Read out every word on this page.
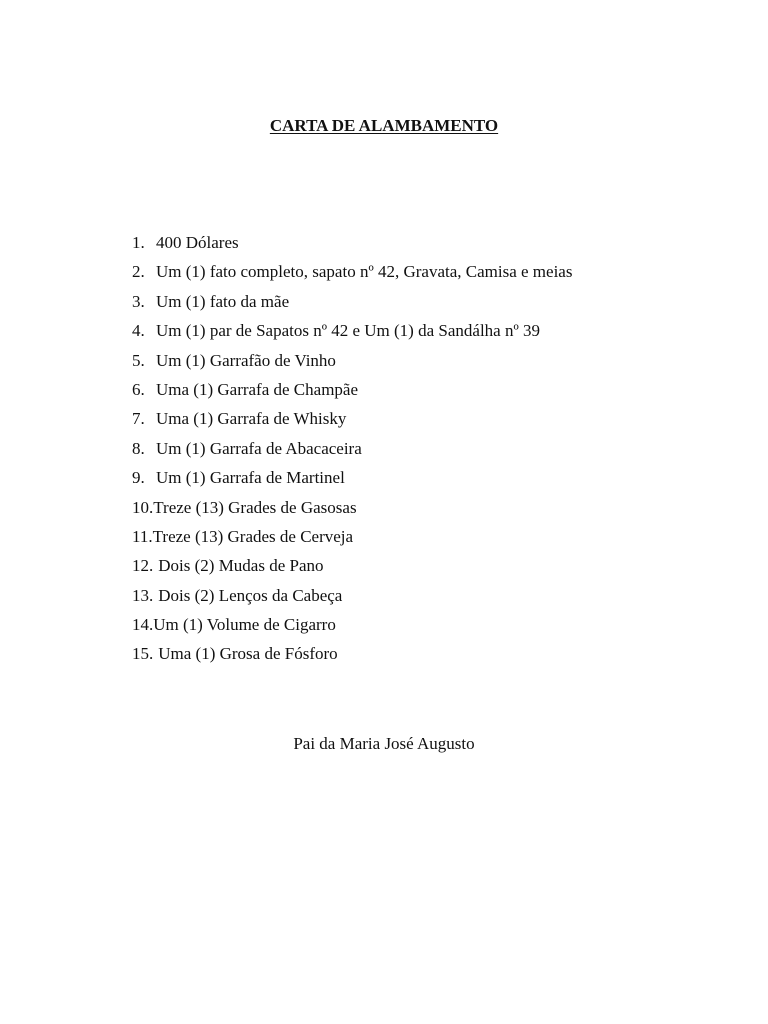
CARTA DE ALAMBAMENTO
1. 400 Dólares
2. Um (1) fato completo, sapato nº 42, Gravata, Camisa e meias
3. Um (1) fato da mãe
4. Um (1) par de Sapatos nº 42 e Um (1) da Sandálha nº 39
5. Um (1) Garrafão de Vinho
6. Uma (1) Garrafa de Champãe
7. Uma (1) Garrafa de Whisky
8. Um (1) Garrafa de Abacaceira
9. Um (1) Garrafa de Martinel
10. Treze (13) Grades de Gasosas
11. Treze (13) Grades de Cerveja
12. Dois (2) Mudas de Pano
13. Dois (2) Lenços da Cabeça
14. Um (1) Volume de Cigarro
15. Uma (1) Grosa de Fósforo
Pai da Maria José Augusto
